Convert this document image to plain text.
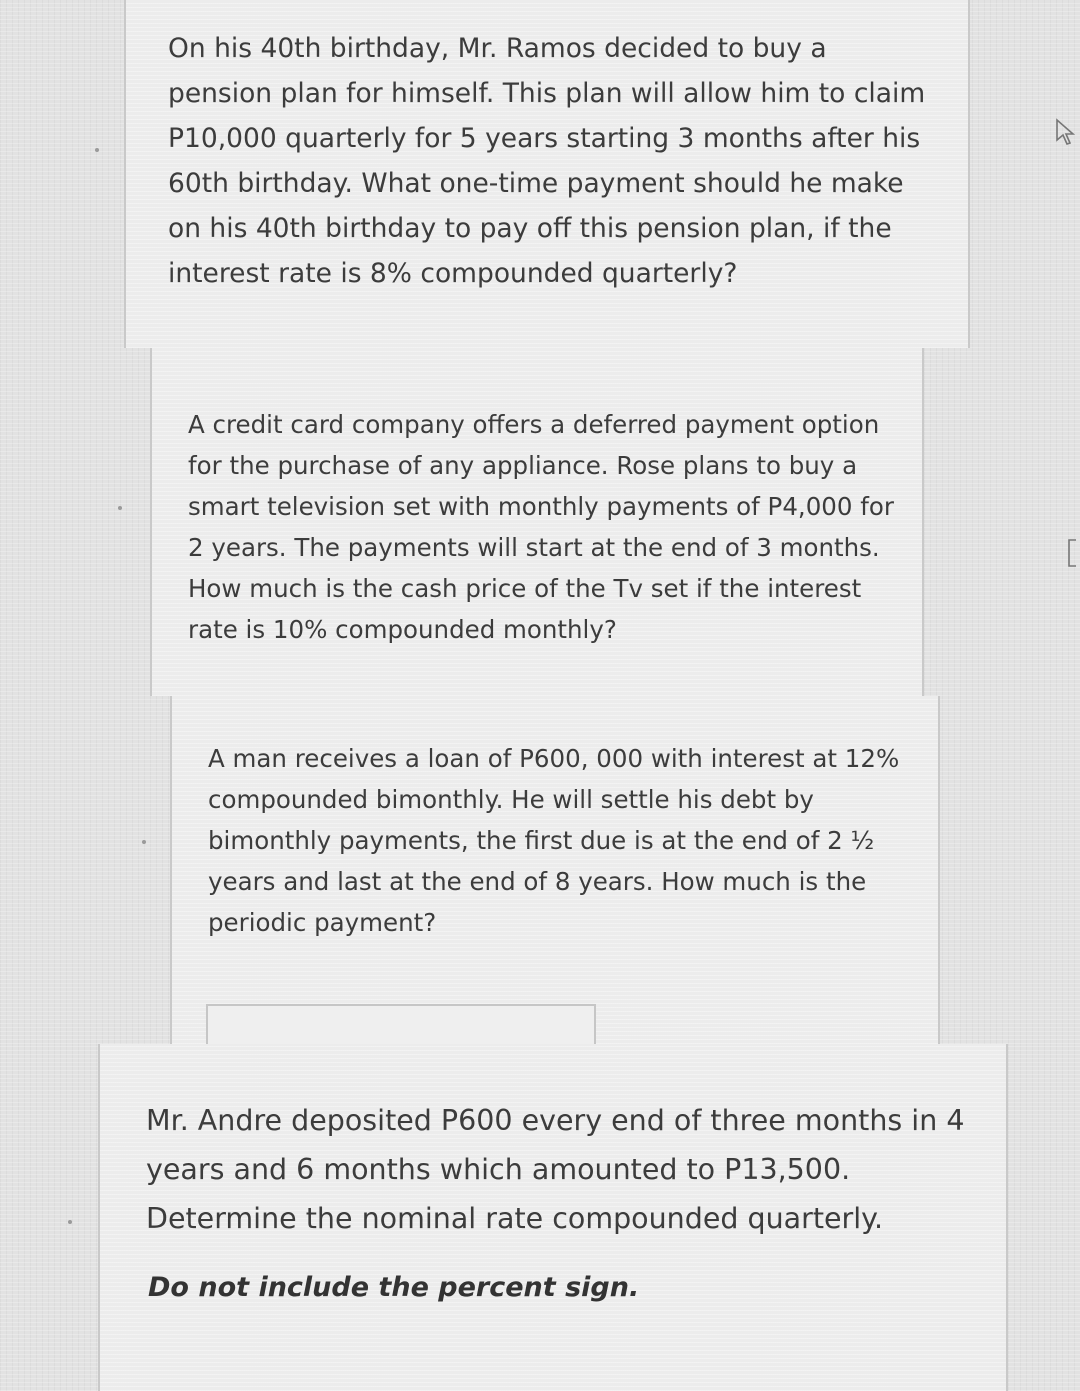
On his 40th birthday, Mr. Ramos decided to buy a pension plan for himself. This plan will allow him to claim P10,000 quarterly for 5 years starting 3 months after his 60th birthday. What one-time payment should he make on his 40th birthday to pay off this pension plan, if the interest rate is 8% compounded quarterly?

A credit card company offers a deferred payment option for the purchase of any appliance. Rose plans to buy a smart television set with monthly payments of P4,000 for 2 years. The payments will start at the end of 3 months. How much is the cash price of the Tv set if the interest rate is 10% compounded monthly?

A man receives a loan of P600, 000 with interest at 12% compounded bimonthly. He will settle his debt by bimonthly payments, the first due is at the end of 2 ½ years and last at the end of 8 years. How much is the periodic payment?

Mr. Andre deposited P600 every end of three months in 4 years and 6 months which amounted to P13,500. Determine the nominal rate compounded quarterly.

Do not include the percent sign.
